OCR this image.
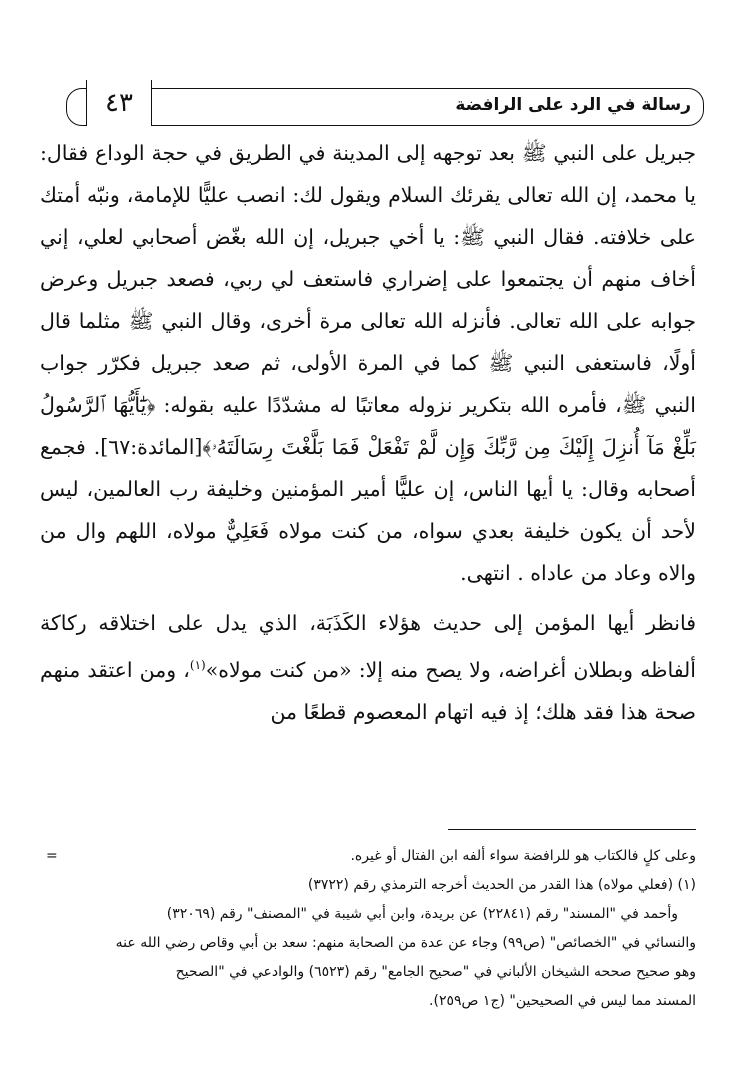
رسالة في الرد على الرافضة
٤٣

جبريل على النبي ﷺ بعد توجهه إلى المدينة في الطريق في حجة الوداع فقال: يا محمد، إن الله تعالى يقرئك السلام ويقول لك: انصب عليًّا للإمامة، ونبّه أمتك على خلافته. فقال النبي ﷺ: يا أخي جبريل، إن الله بغّض أصحابي لعلي، إني أخاف منهم أن يجتمعوا على إضراري فاستعف لي ربي، فصعد جبريل وعرض جوابه على الله تعالى. فأنزله الله تعالى مرة أخرى، وقال النبي ﷺ مثلما قال أولًا، فاستعفى النبي ﷺ كما في المرة الأولى، ثم صعد جبريل فكرّر جواب النبي ﷺ، فأمره الله بتكرير نزوله معاتبًا له مشدّدًا عليه بقوله: ﴿يَٰٓأَيُّهَا ٱلرَّسُولُ بَلِّغْ مَآ أُنزِلَ إِلَيْكَ مِن رَّبِّكَ وَإِن لَّمْ تَفْعَلْ فَمَا بَلَّغْتَ رِسَالَتَهُۥ﴾[المائدة:٦٧]. فجمع أصحابه وقال: يا أيها الناس، إن عليًّا أمير المؤمنين وخليفة رب العالمين، ليس لأحد أن يكون خليفة بعدي سواه، من كنت مولاه فَعَلِيٌّ مولاه، اللهم وال من والاه وعاد من عاداه . انتهى.

فانظر أيها المؤمن إلى حديث هؤلاء الكَذَبَة، الذي يدل على اختلاقه ركاكة ألفاظه وبطلان أغراضه، ولا يصح منه إلا: «من كنت مولاه»$^{(١)}$، ومن اعتقد منهم صحة هذا فقد هلك؛ إذ فيه اتهام المعصوم قطعًا من

وعلى كلٍ فالكتاب هو للرافضة سواء ألفه ابن الفتال أو غيره.
=

(١) (فعلي مولاه) هذا القدر من الحديث أخرجه الترمذي رقم (٣٧٢٢)

وأحمد في "المسند" رقم (٢٢٨٤١) عن بريدة، وابن أبي شيبة في "المصنف" رقم (٣٢٠٦٩)

والنسائي في "الخصائص" (ص٩٩) وجاء عن عدة من الصحابة منهم: سعد بن أبي وقاص رضي الله عنه

وهو صحيح صححه الشيخان الألباني في "صحيح الجامع" رقم (٦٥٢٣) والوادعي في "الصحيح

المسند مما ليس في الصحيحين" (ج١ ص٢٥٩).
